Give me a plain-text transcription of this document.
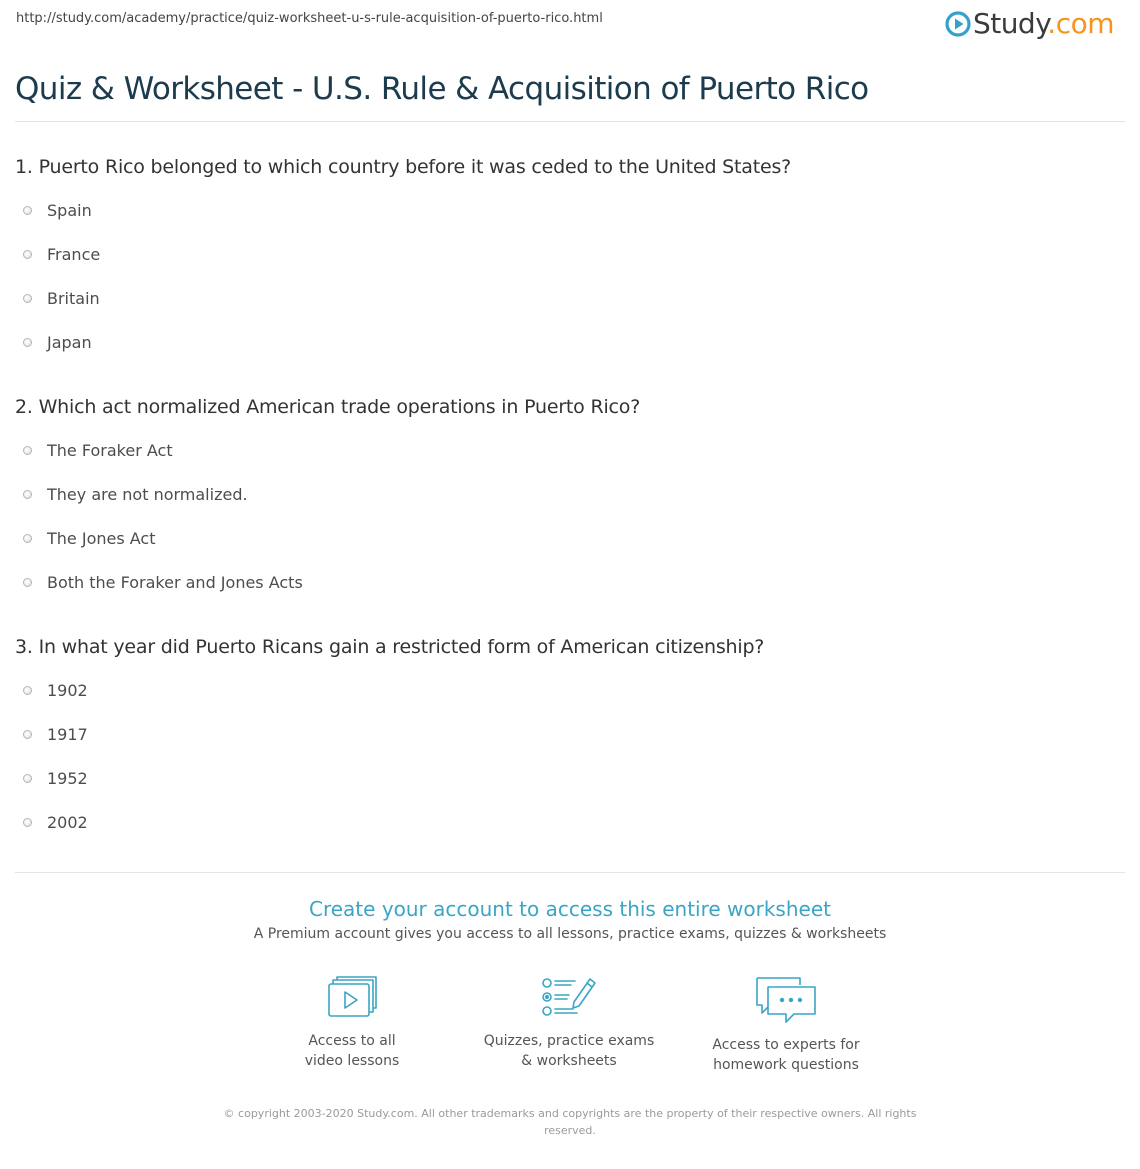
http://study.com/academy/practice/quiz-worksheet-u-s-rule-acquisition-of-puerto-rico.html	Study.com
Quiz & Worksheet - U.S. Rule & Acquisition of Puerto Rico
1. Puerto Rico belonged to which country before it was ceded to the United States?
Spain
France
Britain
Japan
2. Which act normalized American trade operations in Puerto Rico?
The Foraker Act
They are not normalized.
The Jones Act
Both the Foraker and Jones Acts
3. In what year did Puerto Ricans gain a restricted form of American citizenship?
1902
1917
1952
2002
Create your account to access this entire worksheet
A Premium account gives you access to all lessons, practice exams, quizzes & worksheets
Access to all
video lessons
Quizzes, practice exams
& worksheets
Access to experts for
homework questions
© copyright 2003-2020 Study.com. All other trademarks and copyrights are the property of their respective owners. All rights
reserved.
